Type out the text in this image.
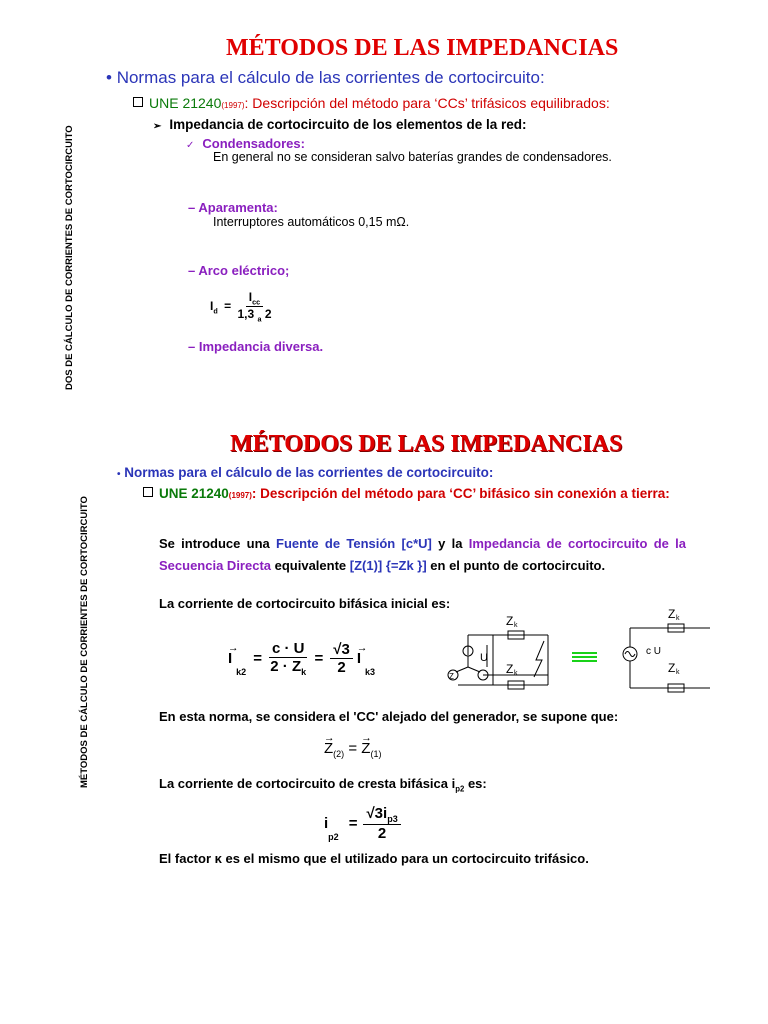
DOS DE CÁLCULO DE CORRIENTES DE CORTOCIRCUITO
MÉTODOS DE LAS IMPEDANCIAS
• Normas para el cálculo de las corrientes de cortocircuito:
UNE 21240(1997): Descripción del método para ‘CCs’ trifásicos equilibrados:
➢ Impedancia de cortocircuito de los elementos de la red:
✓ Condensadores:
En general no se consideran salvo baterías grandes de condensadores.
– Aparamenta:
Interruptores automáticos 0,15 mΩ.
– Arco eléctrico;
$I_d = \frac{I_{cc}}{1,3 _a 2}$
– Impedancia diversa.
MÉTODOS DE CÁLCULO DE CORRIENTES DE CORTOCIRCUITO
MÉTODOS DE LAS IMPEDANCIAS
• Normas para el cálculo de las corrientes de cortocircuito:
UNE 21240(1997): Descripción del método para ‘CC’ bifásico sin conexión a tierra:
Se introduce una Fuente de Tensión [c*U] y la Impedancia de cortocircuito de la Secuencia Directa equivalente [Z(1)] {=Zk }] en el punto de cortocircuito.
La corriente de cortocircuito bifásica inicial es:
→ I
k2
= $\frac{c \cdot U}{2 \cdot Z_k} = \frac{√3}{2}$
→ I
k3
Z k
Z k
U
Z
Z k
Z k
c U
En esta norma, se considera el 'CC' alejado del generador, se supone que:
→ $Z_{(2)}$ = → $Z_{(1)}$
La corriente de cortocircuito de cresta bifásica $i_{p2}$ es:
i
p2
= $\frac{√3i_{p3}}{2}$
El factor κ es el mismo que el utilizado para un cortocircuito trifásico.
